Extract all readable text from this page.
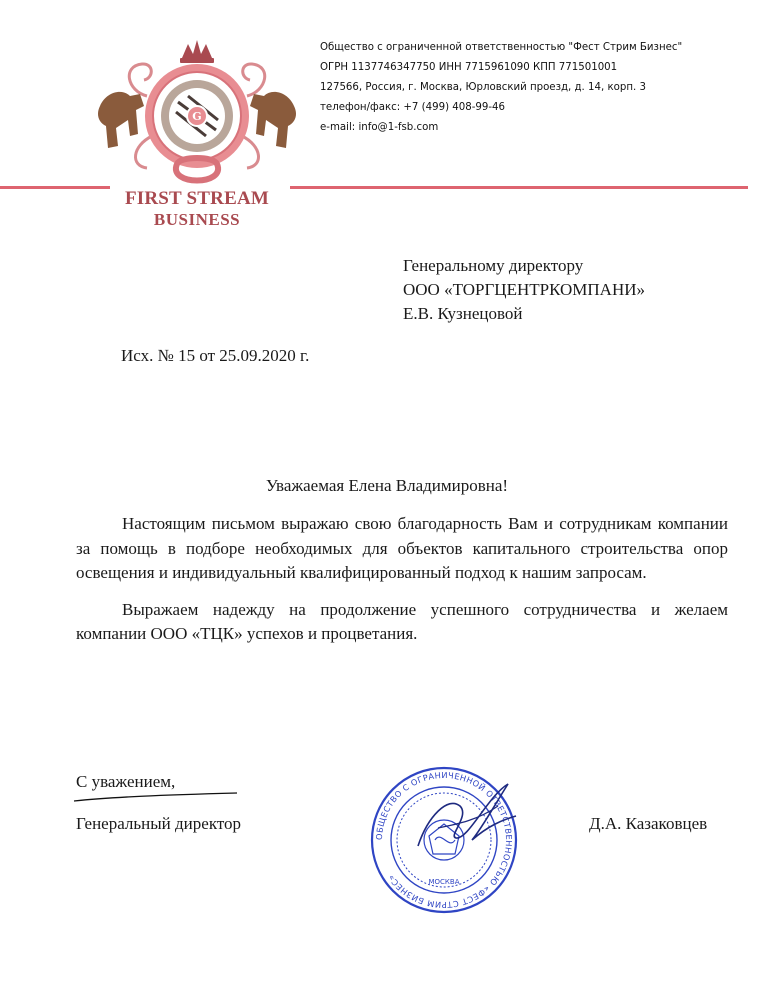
G
FIRST STREAM
BUSINESS
Общество с ограниченной ответственностью "Фест Стрим Бизнес"
ОГРН 1137746347750 ИНН 7715961090 КПП 771501001
127566, Россия, г. Москва, Юрловский проезд, д. 14, корп. 3
телефон/факс: +7 (499) 408-99-46
e-mail: info@1-fsb.com
Генеральному директору
ООО «ТОРГЦЕНТРКОМПАНИ»
Е.В. Кузнецовой
Исх. № 15 от 25.09.2020 г.
Уважаемая Елена Владимировна!

Настоящим письмом выражаю свою благодарность Вам и сотрудникам компании за помощь в подборе необходимых для объектов капитального строительства опор освещения и индивидуальный квалифицированный подход к нашим запросам.

Выражаем надежду на продолжение успешного сотрудничества и желаем компании ООО «ТЦК» успехов и процветания.

С уважением,
Генеральный директор	Д.А. Казаковцев
ОБЩЕСТВО С ОГРАНИЧЕННОЙ ОТВЕТСТВЕННОСТЬЮ «ФЕСТ СТРИМ БИЗНЕС»	МОСКВА
